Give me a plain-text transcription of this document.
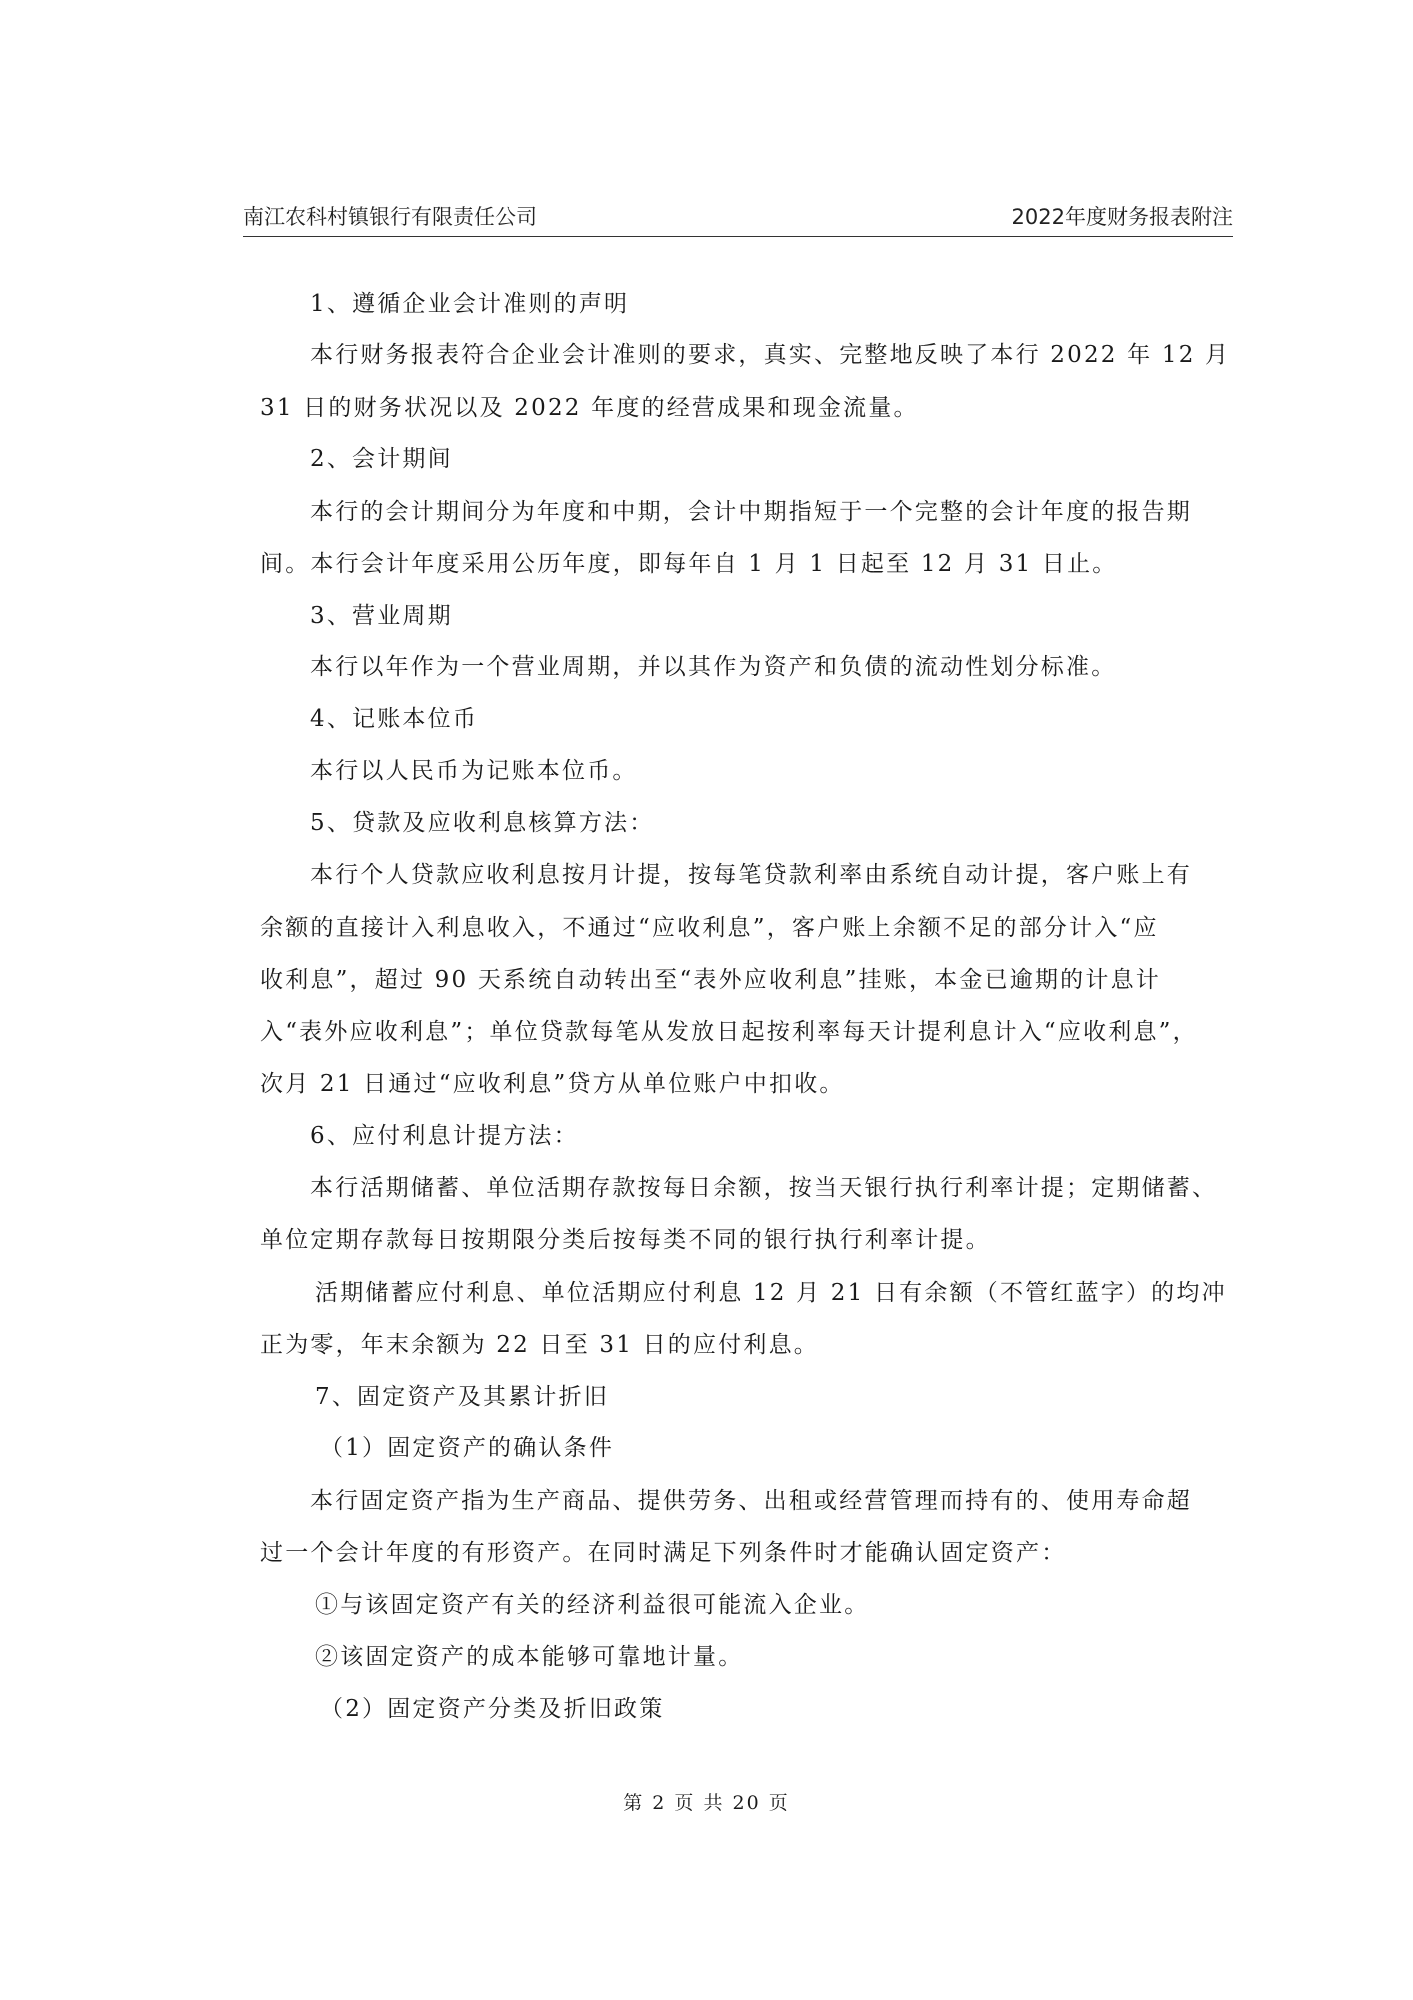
南江农科村镇银行有限责任公司	2022年度财务报表附注
1、遵循企业会计准则的声明
本行财务报表符合企业会计准则的要求，真实、完整地反映了本行 2022 年 12 月
31 日的财务状况以及 2022 年度的经营成果和现金流量。
2、会计期间
本行的会计期间分为年度和中期，会计中期指短于一个完整的会计年度的报告期
间。本行会计年度采用公历年度，即每年自 1 月 1 日起至 12 月 31 日止。
3、营业周期
本行以年作为一个营业周期，并以其作为资产和负债的流动性划分标准。
4、记账本位币
本行以人民币为记账本位币。
5、贷款及应收利息核算方法：
本行个人贷款应收利息按月计提，按每笔贷款利率由系统自动计提，客户账上有
余额的直接计入利息收入，不通过“应收利息”，客户账上余额不足的部分计入“应
收利息”，超过 90 天系统自动转出至“表外应收利息”挂账，本金已逾期的计息计
入“表外应收利息”；单位贷款每笔从发放日起按利率每天计提利息计入“应收利息”，
次月 21 日通过“应收利息”贷方从单位账户中扣收。
6、应付利息计提方法：
本行活期储蓄、单位活期存款按每日余额，按当天银行执行利率计提；定期储蓄、
单位定期存款每日按期限分类后按每类不同的银行执行利率计提。
活期储蓄应付利息、单位活期应付利息 12 月 21 日有余额（不管红蓝字）的均冲
正为零，年末余额为 22 日至 31 日的应付利息。
7、固定资产及其累计折旧
（1）固定资产的确认条件
本行固定资产指为生产商品、提供劳务、出租或经营管理而持有的、使用寿命超
过一个会计年度的有形资产。在同时满足下列条件时才能确认固定资产：
①与该固定资产有关的经济利益很可能流入企业。
②该固定资产的成本能够可靠地计量。
（2）固定资产分类及折旧政策
第 2 页 共 20 页
